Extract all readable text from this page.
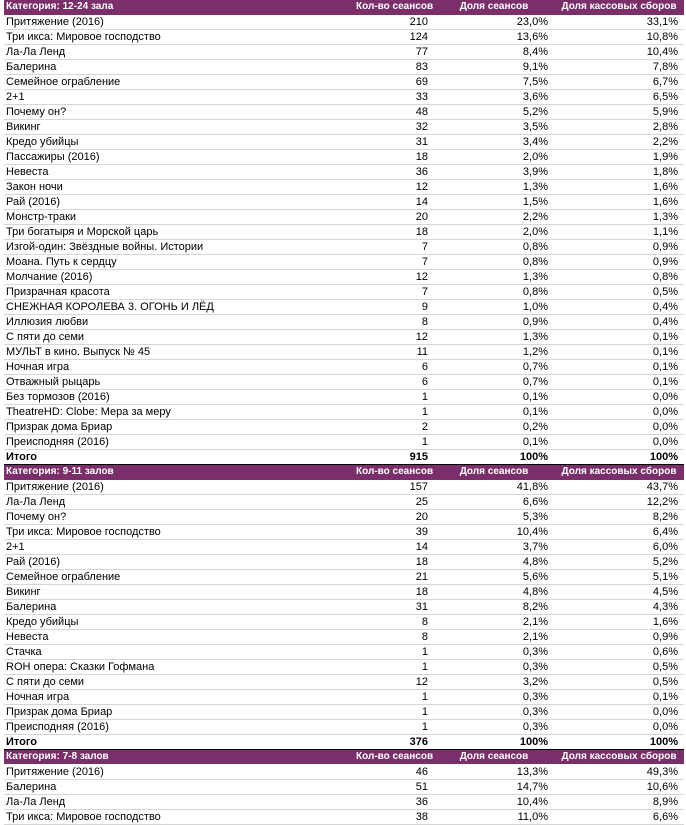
Категория: 12-24 зала	Кол-во сеансов	Доля сеансов	Доля кассовых сборов
Притяжение (2016)	210	23,0%	33,1%
Три икса: Мировое господство	124	13,6%	10,8%
Ла-Ла Ленд	77	8,4%	10,4%
Балерина	83	9,1%	7,8%
Семейное ограбление	69	7,5%	6,7%
2+1	33	3,6%	6,5%
Почему он?	48	5,2%	5,9%
Викинг	32	3,5%	2,8%
Кредо убийцы	31	3,4%	2,2%
Пассажиры (2016)	18	2,0%	1,9%
Невеста	36	3,9%	1,8%
Закон ночи	12	1,3%	1,6%
Рай (2016)	14	1,5%	1,6%
Монстр-траки	20	2,2%	1,3%
Три богатыря и Морской царь	18	2,0%	1,1%
Изгой-один: Звёздные войны. Истории	7	0,8%	0,9%
Моана. Путь к сердцу	7	0,8%	0,9%
Молчание (2016)	12	1,3%	0,8%
Призрачная красота	7	0,8%	0,5%
СНЕЖНАЯ КОРОЛЕВА 3. ОГОНЬ И ЛЁД	9	1,0%	0,4%
Иллюзия любви	8	0,9%	0,4%
С пяти до семи	12	1,3%	0,1%
МУЛЬТ в кино. Выпуск № 45	11	1,2%	0,1%
Ночная игра	6	0,7%	0,1%
Отважный рыцарь	6	0,7%	0,1%
Без тормозов (2016)	1	0,1%	0,0%
TheatreHD: Clobe: Мера за меру	1	0,1%	0,0%
Призрак дома Бриар	2	0,2%	0,0%
Преисподняя (2016)	1	0,1%	0,0%
Итого	915	100%	100%
Категория: 9-11 залов	Кол-во сеансов	Доля сеансов	Доля кассовых сборов
Притяжение (2016)	157	41,8%	43,7%
Ла-Ла Ленд	25	6,6%	12,2%
Почему он?	20	5,3%	8,2%
Три икса: Мировое господство	39	10,4%	6,4%
2+1	14	3,7%	6,0%
Рай (2016)	18	4,8%	5,2%
Семейное ограбление	21	5,6%	5,1%
Викинг	18	4,8%	4,5%
Балерина	31	8,2%	4,3%
Кредо убийцы	8	2,1%	1,6%
Невеста	8	2,1%	0,9%
Стачка	1	0,3%	0,6%
ROH опера: Сказки Гофмана	1	0,3%	0,5%
С пяти до семи	12	3,2%	0,5%
Ночная игра	1	0,3%	0,1%
Призрак дома Бриар	1	0,3%	0,0%
Преисподняя (2016)	1	0,3%	0,0%
Итого	376	100%	100%
Категория: 7-8 залов	Кол-во сеансов	Доля сеансов	Доля кассовых сборов
Притяжение (2016)	46	13,3%	49,3%
Балерина	51	14,7%	10,6%
Ла-Ла Ленд	36	10,4%	8,9%
Три икса: Мировое господство	38	11,0%	6,6%
